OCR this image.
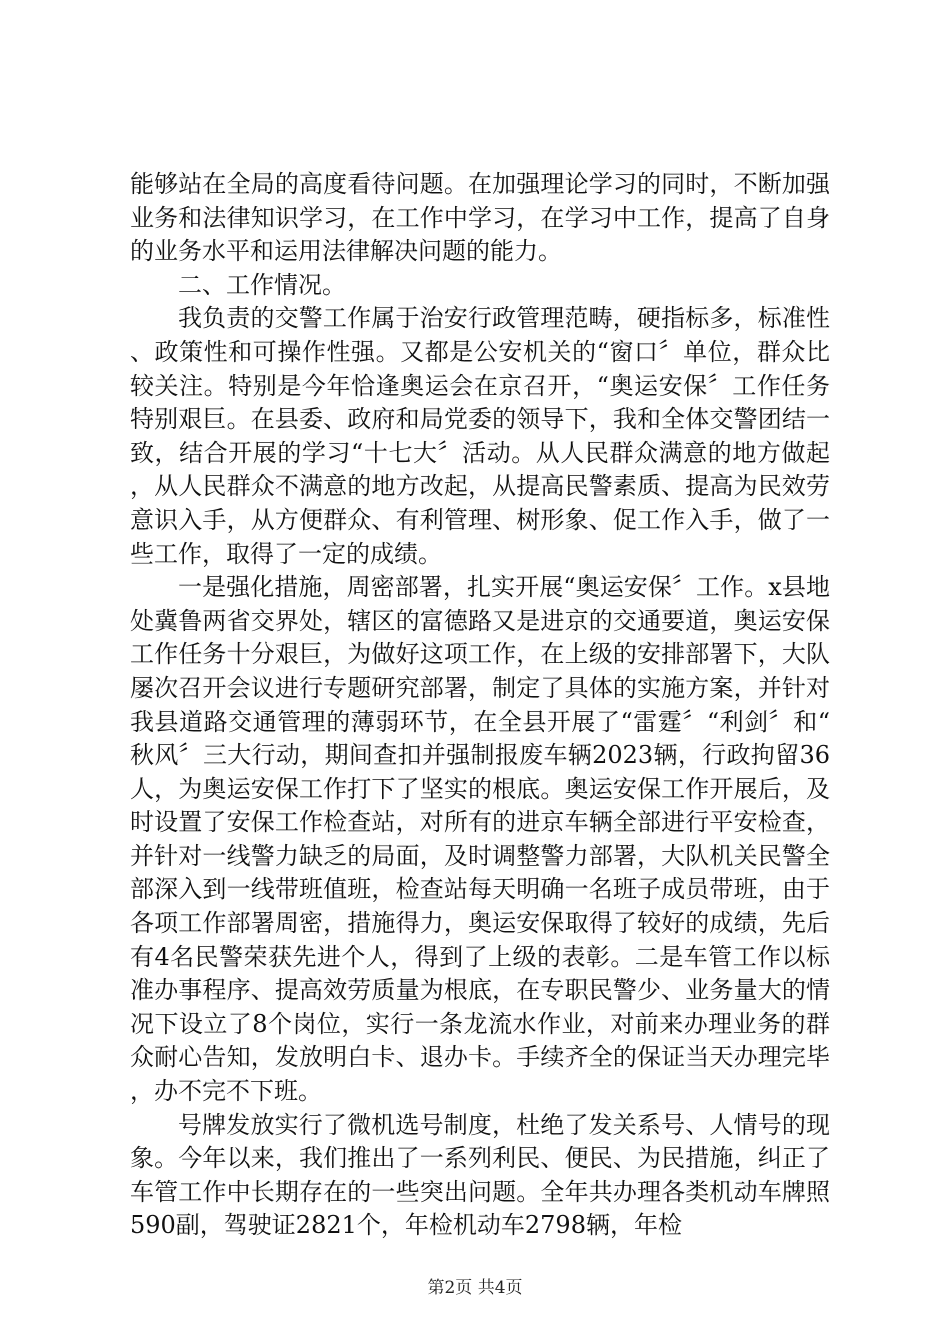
能够站在全局的高度看待问题。在加强理论学习的同时，不断加强业务和法律知识学习，在工作中学习，在学习中工作，提高了自身的业务水平和运用法律解决问题的能力。

二、工作情况。

我负责的交警工作属于治安行政管理范畴，硬指标多，标准性、政策性和可操作性强。又都是公安机关的“窗口〞单位，群众比较关注。特别是今年恰逢奥运会在京召开，“奥运安保〞工作任务特别艰巨。在县委、政府和局党委的领导下，我和全体交警团结一致，结合开展的学习“十七大〞活动。从人民群众满意的地方做起，从人民群众不满意的地方改起，从提高民警素质、提高为民效劳意识入手，从方便群众、有利管理、树形象、促工作入手，做了一些工作，取得了一定的成绩。

一是强化措施，周密部署，扎实开展“奥运安保〞工作。x县地处冀鲁两省交界处，辖区的富德路又是进京的交通要道，奥运安保工作任务十分艰巨，为做好这项工作，在上级的安排部署下，大队屡次召开会议进行专题研究部署，制定了具体的实施方案，并针对我县道路交通管理的薄弱环节，在全县开展了“雷霆〞“利剑〞和“秋风〞三大行动，期间查扣并强制报废车辆2023辆，行政拘留36人，为奥运安保工作打下了坚实的根底。奥运安保工作开展后，及时设置了安保工作检查站，对所有的进京车辆全部进行平安检查，并针对一线警力缺乏的局面，及时调整警力部署，大队机关民警全部深入到一线带班值班，检查站每天明确一名班子成员带班，由于各项工作部署周密，措施得力，奥运安保取得了较好的成绩，先后有4名民警荣获先进个人，得到了上级的表彰。二是车管工作以标准办事程序、提高效劳质量为根底，在专职民警少、业务量大的情况下设立了8个岗位，实行一条龙流水作业，对前来办理业务的群众耐心告知，发放明白卡、退办卡。手续齐全的保证当天办理完毕，办不完不下班。

号牌发放实行了微机选号制度，杜绝了发关系号、人情号的现象。今年以来，我们推出了一系列利民、便民、为民措施，纠正了车管工作中长期存在的一些突出问题。全年共办理各类机动车牌照590副，驾驶证2821个，年检机动车2798辆，年检

第2页 共4页
